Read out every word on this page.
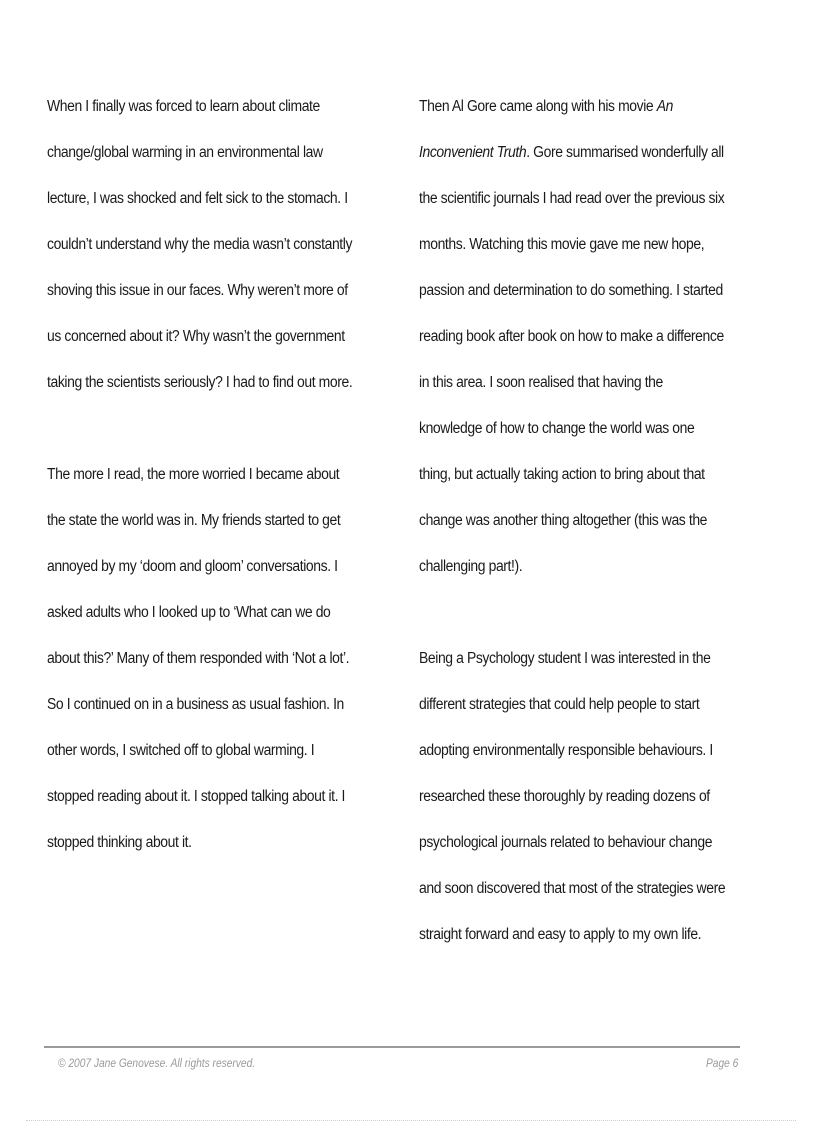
When I finally was forced to learn about climate
change/global warming in an environmental law
lecture, I was shocked and felt sick to the stomach. I
couldn’t understand why the media wasn’t constantly
shoving this issue in our faces. Why weren’t more of
us concerned about it? Why wasn’t the government
taking the scientists seriously? I had to find out more.
The more I read, the more worried I became about
the state the world was in. My friends started to get
annoyed by my ‘doom and gloom’ conversations. I
asked adults who I looked up to ‘What can we do
about this?’ Many of them responded with ‘Not a lot’.
So I continued on in a business as usual fashion. In
other words, I switched off to global warming. I
stopped reading about it. I stopped talking about it. I
stopped thinking about it.
Then Al Gore came along with his movie An
Inconvenient Truth. Gore summarised wonderfully all
the scientific journals I had read over the previous six
months. Watching this movie gave me new hope,
passion and determination to do something. I started
reading book after book on how to make a difference
in this area. I soon realised that having the
knowledge of how to change the world was one
thing, but actually taking action to bring about that
change was another thing altogether (this was the
challenging part!).
Being a Psychology student I was interested in the
different strategies that could help people to start
adopting environmentally responsible behaviours. I
researched these thoroughly by reading dozens of
psychological journals related to behaviour change
and soon discovered that most of the strategies were
straight forward and easy to apply to my own life.
© 2007 Jane Genovese. All rights reserved.	Page 6
